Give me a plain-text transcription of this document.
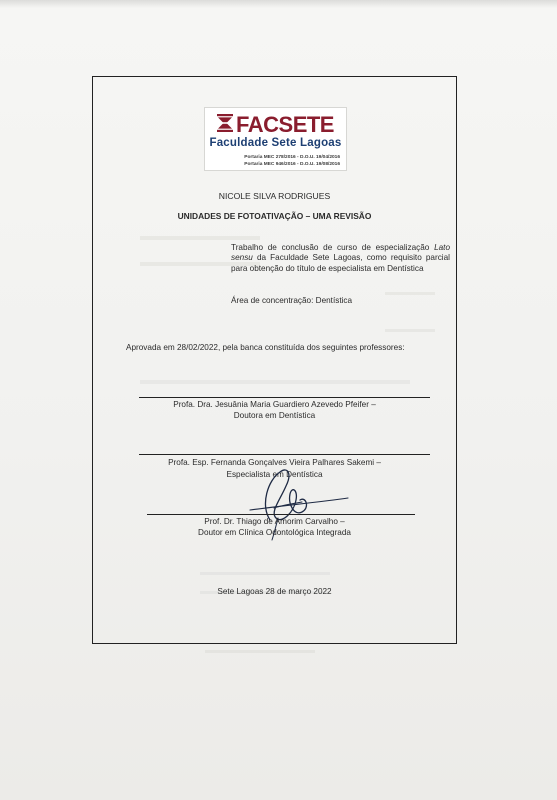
FACSETE
Faculdade Sete Lagoas
Portaria MEC 278/2016 - D.O.U. 19/04/2016
Portaria MEC 946/2016 - D.O.U. 19/08/2016
NICOLE SILVA RODRIGUES
UNIDADES DE FOTOATIVAÇÃO – UMA REVISÃO
Trabalho de conclusão de curso de especialização Lato sensu da Faculdade Sete Lagoas, como requisito parcial para obtenção do título de especialista em Dentística
Área de concentração: Dentística
Aprovada em 28/02/2022, pela banca constituída dos seguintes professores:
Profa. Dra. Jesuânia Maria Guardiero Azevedo Pfeifer –
Doutora em Dentística
Profa. Esp. Fernanda Gonçalves Vieira Palhares Sakemi –
Especialista em Dentística
Prof. Dr. Thiago de Amorim Carvalho –
Doutor em Clínica Odontológica Integrada
Sete Lagoas 28 de março 2022
